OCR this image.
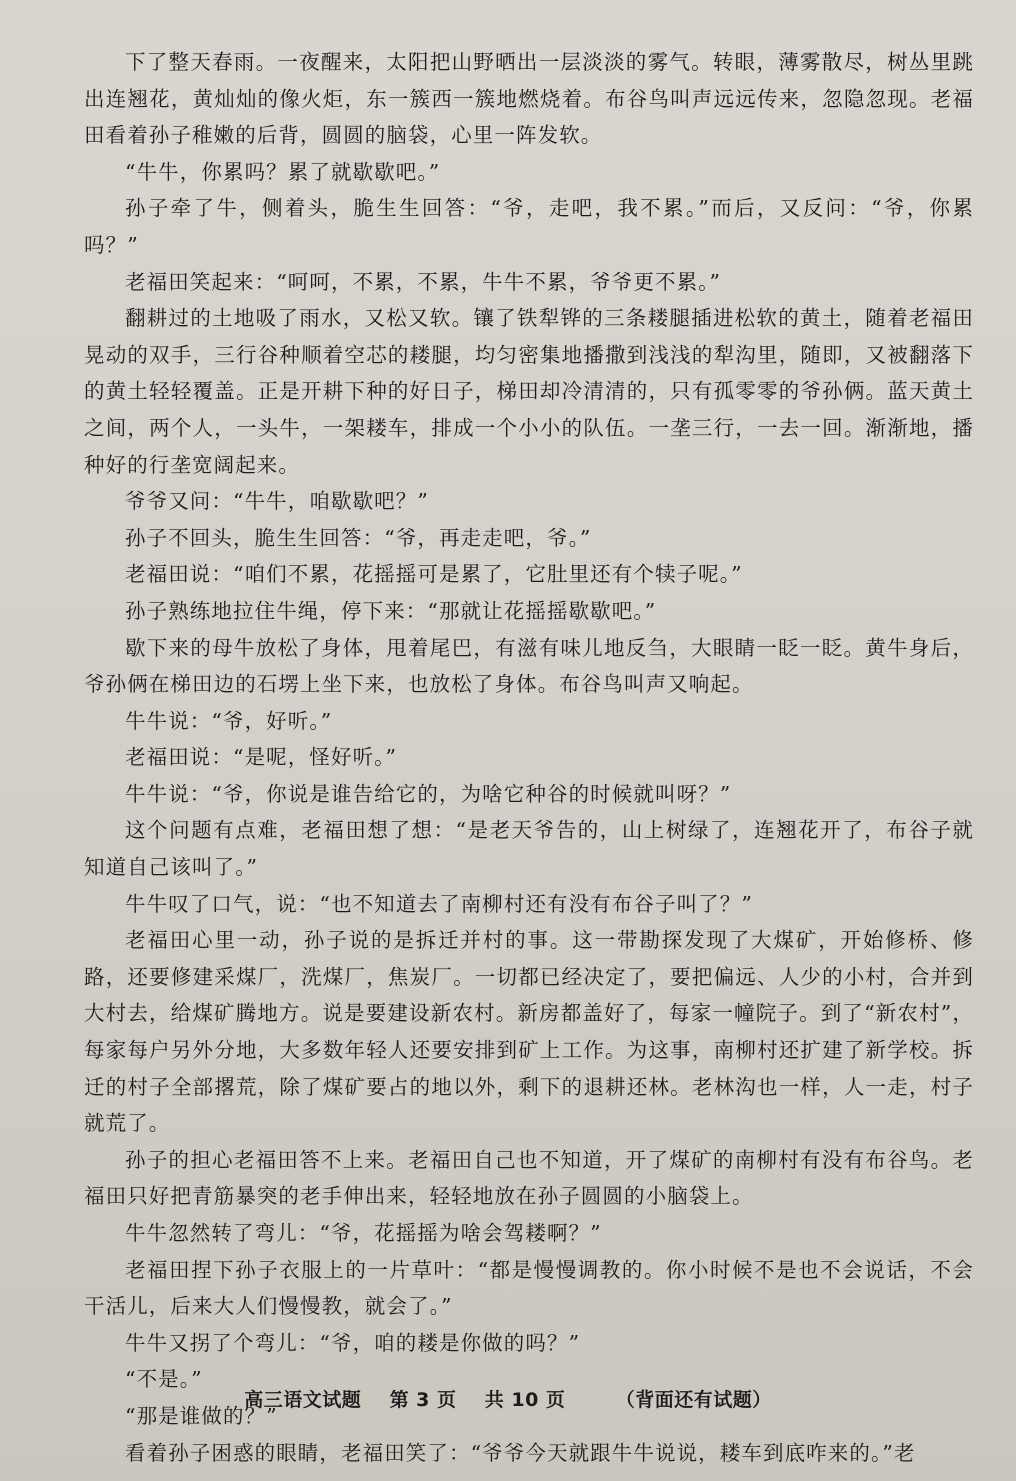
下了整天春雨。一夜醒来，太阳把山野晒出一层淡淡的雾气。转眼，薄雾散尽，树丛里跳出连翘花，黄灿灿的像火炬，东一簇西一簇地燃烧着。布谷鸟叫声远远传来，忽隐忽现。老福田看着孙子稚嫩的后背，圆圆的脑袋，心里一阵发软。

“牛牛，你累吗？累了就歇歇吧。”

孙子牵了牛，侧着头，脆生生回答：“爷，走吧，我不累。”而后，又反问：“爷，你累吗？”

老福田笑起来：“呵呵，不累，不累，牛牛不累，爷爷更不累。”

翻耕过的土地吸了雨水，又松又软。镶了铁犁铧的三条耧腿插进松软的黄土，随着老福田晃动的双手，三行谷种顺着空芯的耧腿，均匀密集地播撒到浅浅的犁沟里，随即，又被翻落下的黄土轻轻覆盖。正是开耕下种的好日子，梯田却冷清清的，只有孤零零的爷孙俩。蓝天黄土之间，两个人，一头牛，一架耧车，排成一个小小的队伍。一垄三行，一去一回。渐渐地，播种好的行垄宽阔起来。

爷爷又问：“牛牛，咱歇歇吧？”

孙子不回头，脆生生回答：“爷，再走走吧，爷。”

老福田说：“咱们不累，花摇摇可是累了，它肚里还有个犊子呢。”

孙子熟练地拉住牛绳，停下来：“那就让花摇摇歇歇吧。”

歇下来的母牛放松了身体，甩着尾巴，有滋有味儿地反刍，大眼睛一眨一眨。黄牛身后，爷孙俩在梯田边的石塄上坐下来，也放松了身体。布谷鸟叫声又响起。

牛牛说：“爷，好听。”

老福田说：“是呢，怪好听。”

牛牛说：“爷，你说是谁告给它的，为啥它种谷的时候就叫呀？”

这个问题有点难，老福田想了想：“是老天爷告的，山上树绿了，连翘花开了，布谷子就知道自己该叫了。”

牛牛叹了口气，说：“也不知道去了南柳村还有没有布谷子叫了？”

老福田心里一动，孙子说的是拆迁并村的事。这一带勘探发现了大煤矿，开始修桥、修路，还要修建采煤厂，洗煤厂，焦炭厂。一切都已经决定了，要把偏远、人少的小村，合并到大村去，给煤矿腾地方。说是要建设新农村。新房都盖好了，每家一幢院子。到了“新农村”，每家每户另外分地，大多数年轻人还要安排到矿上工作。为这事，南柳村还扩建了新学校。拆迁的村子全部撂荒，除了煤矿要占的地以外，剩下的退耕还林。老林沟也一样，人一走，村子就荒了。

孙子的担心老福田答不上来。老福田自己也不知道，开了煤矿的南柳村有没有布谷鸟。老福田只好把青筋暴突的老手伸出来，轻轻地放在孙子圆圆的小脑袋上。

牛牛忽然转了弯儿：“爷，花摇摇为啥会驾耧啊？”

老福田捏下孙子衣服上的一片草叶：“都是慢慢调教的。你小时候不是也不会说话，不会干活儿，后来大人们慢慢教，就会了。”

牛牛又拐了个弯儿：“爷，咱的耧是你做的吗？”

“不是。”

“那是谁做的？”

看着孙子困惑的眼睛，老福田笑了：“爷爷今天就跟牛牛说说，耧车到底咋来的。”老

高三语文试题 第 3 页 共 10 页	（背面还有试题）
